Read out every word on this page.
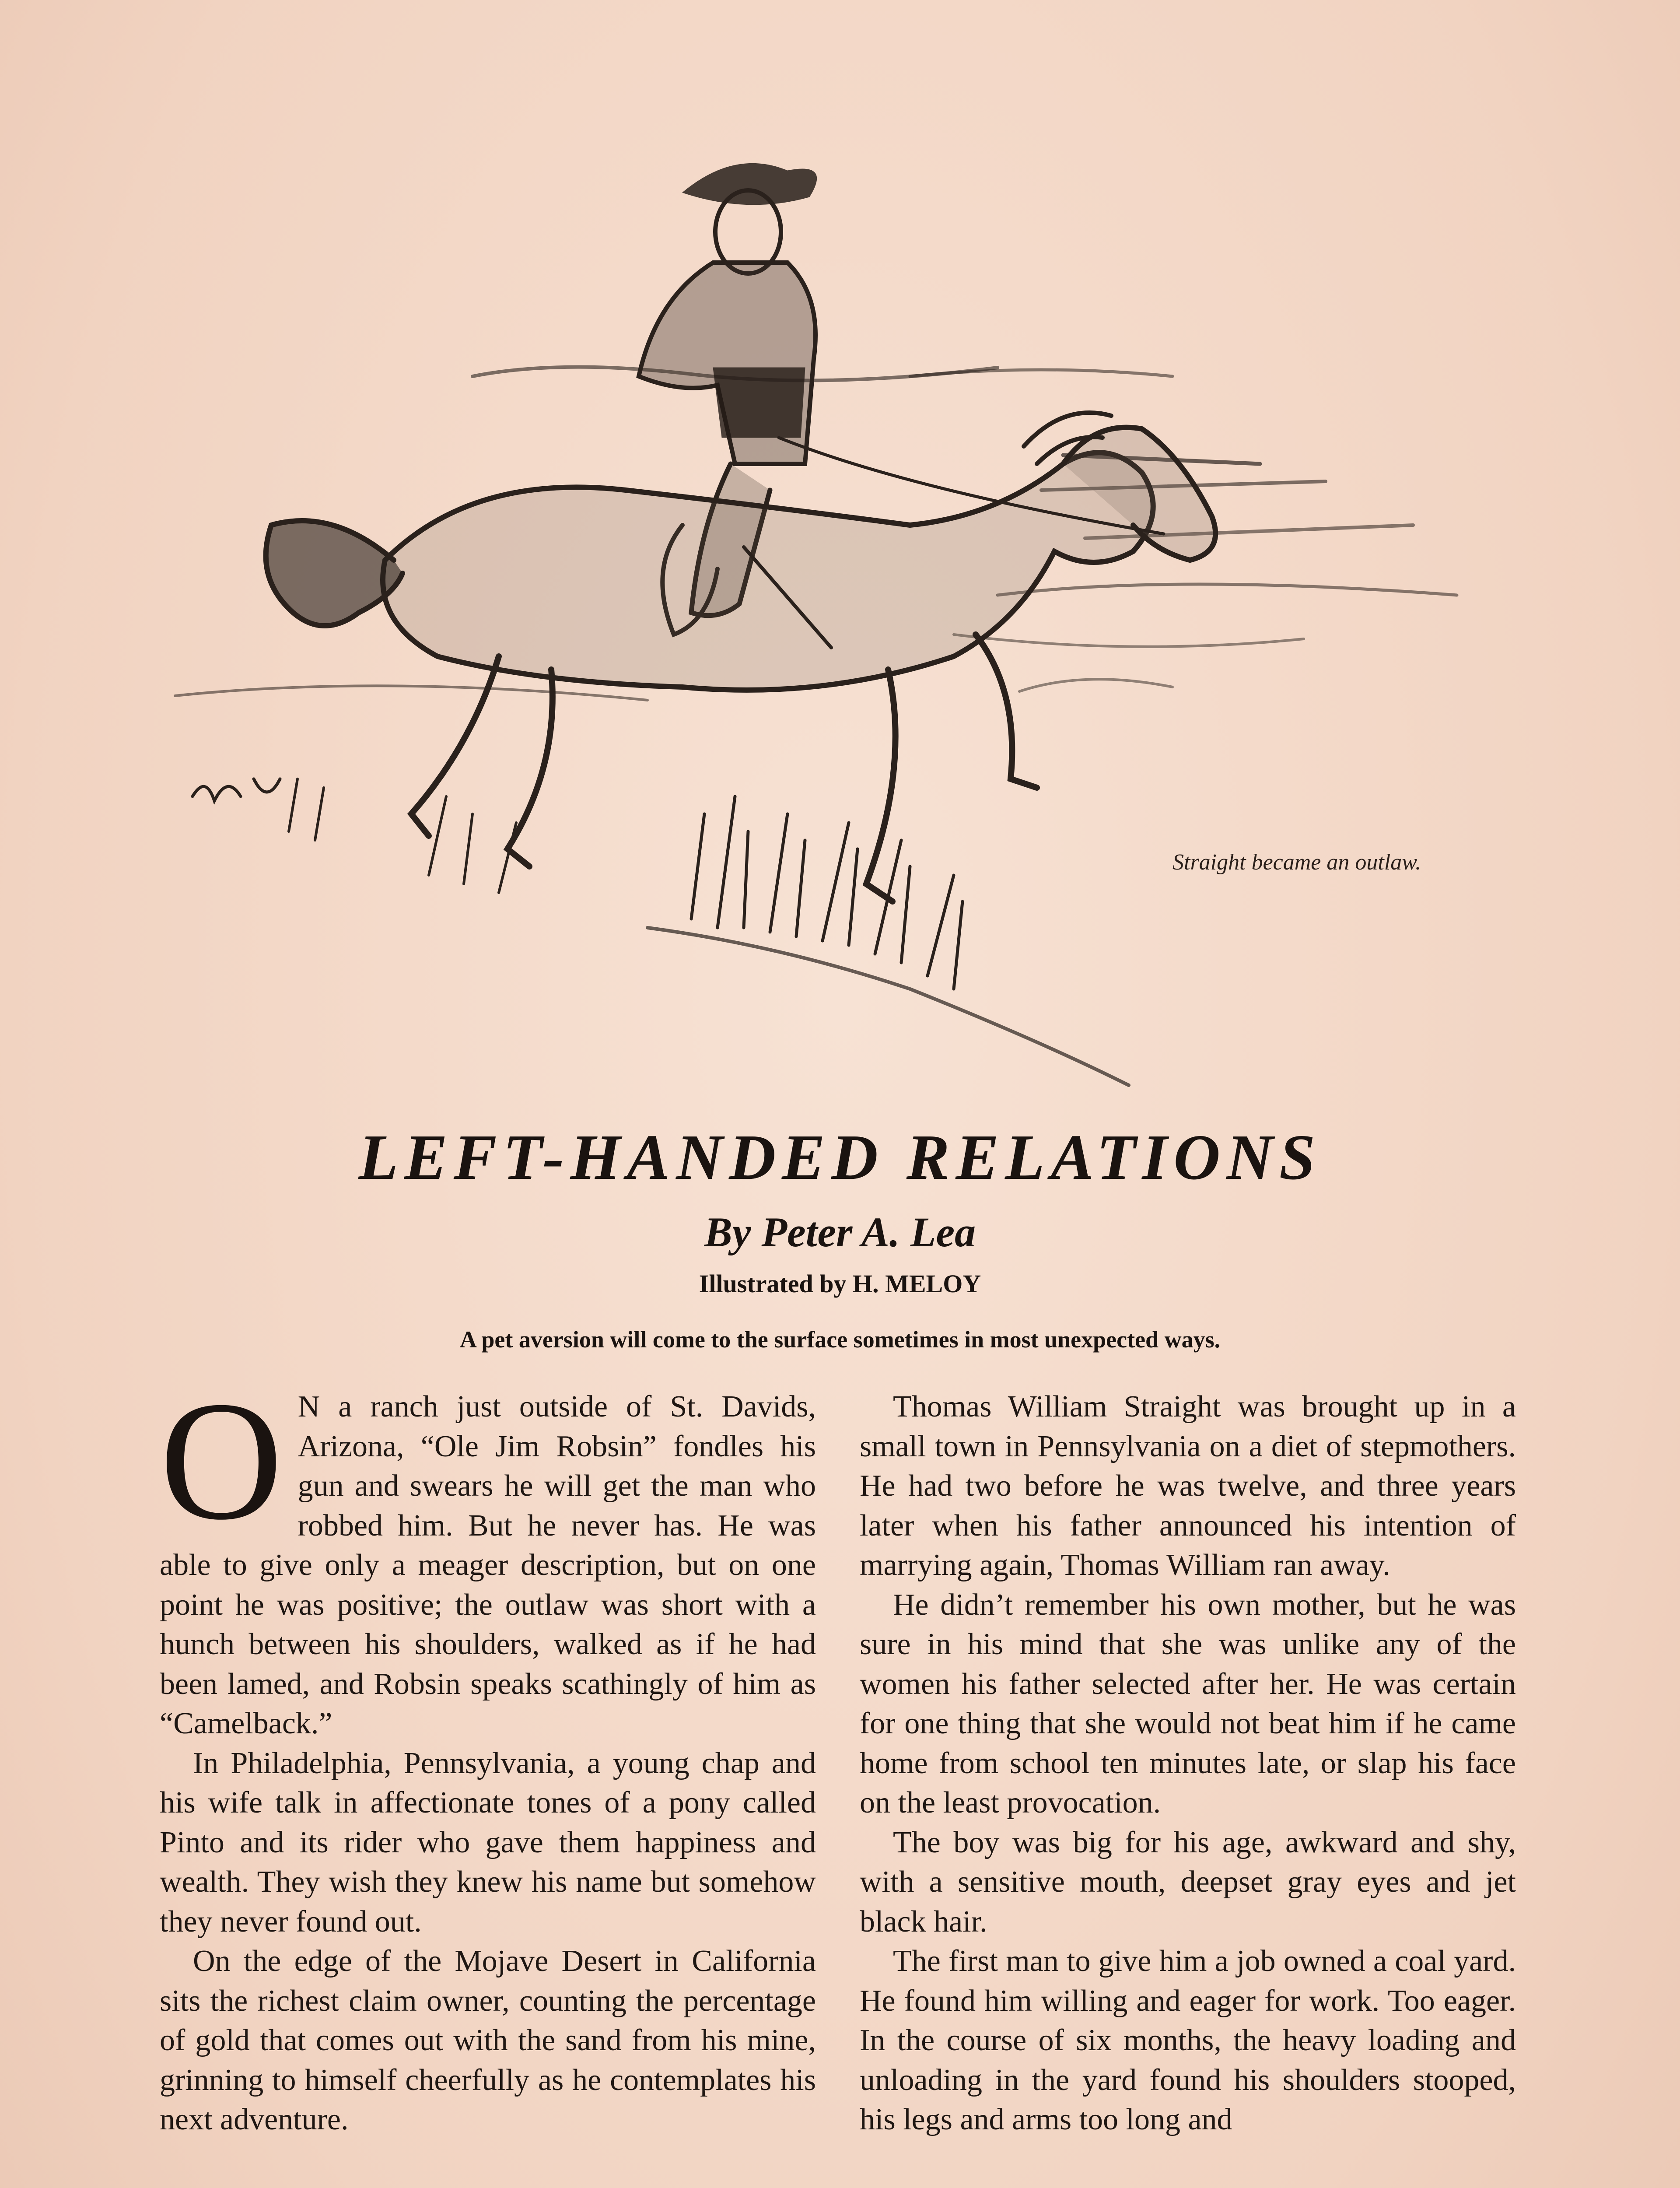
Straight became an outlaw.
LEFT-HANDED RELATIONS
By Peter A. Lea
Illustrated by H. MELOY
A pet aversion will come to the surface sometimes in most unexpected ways.

O N a ranch just outside of St. Davids, Arizona, “Ole Jim Robsin” fondles his gun and swears he will get the man who robbed him. But he never has. He was able to give only a meager description, but on one point he was positive; the outlaw was short with a hunch between his shoulders, walked as if he had been lamed, and Robsin speaks scathingly of him as “Camelback.”

In Philadelphia, Pennsylvania, a young chap and his wife talk in affectionate tones of a pony called Pinto and its rider who gave them happiness and wealth. They wish they knew his name but somehow they never found out.

On the edge of the Mojave Desert in California sits the richest claim owner, counting the percentage of gold that comes out with the sand from his mine, grinning to himself cheerfully as he contemplates his next adventure.

Thomas William Straight was brought up in a small town in Pennsylvania on a diet of stepmothers. He had two before he was twelve, and three years later when his father announced his intention of marrying again, Thomas William ran away.

He didn’t remember his own mother, but he was sure in his mind that she was unlike any of the women his father selected after her. He was certain for one thing that she would not beat him if he came home from school ten minutes late, or slap his face on the least provocation.

The boy was big for his age, awkward and shy, with a sensitive mouth, deepset gray eyes and jet black hair.

The first man to give him a job owned a coal yard. He found him willing and eager for work. Too eager. In the course of six months, the heavy loading and unloading in the yard found his shoulders stooped, his legs and arms too long and
